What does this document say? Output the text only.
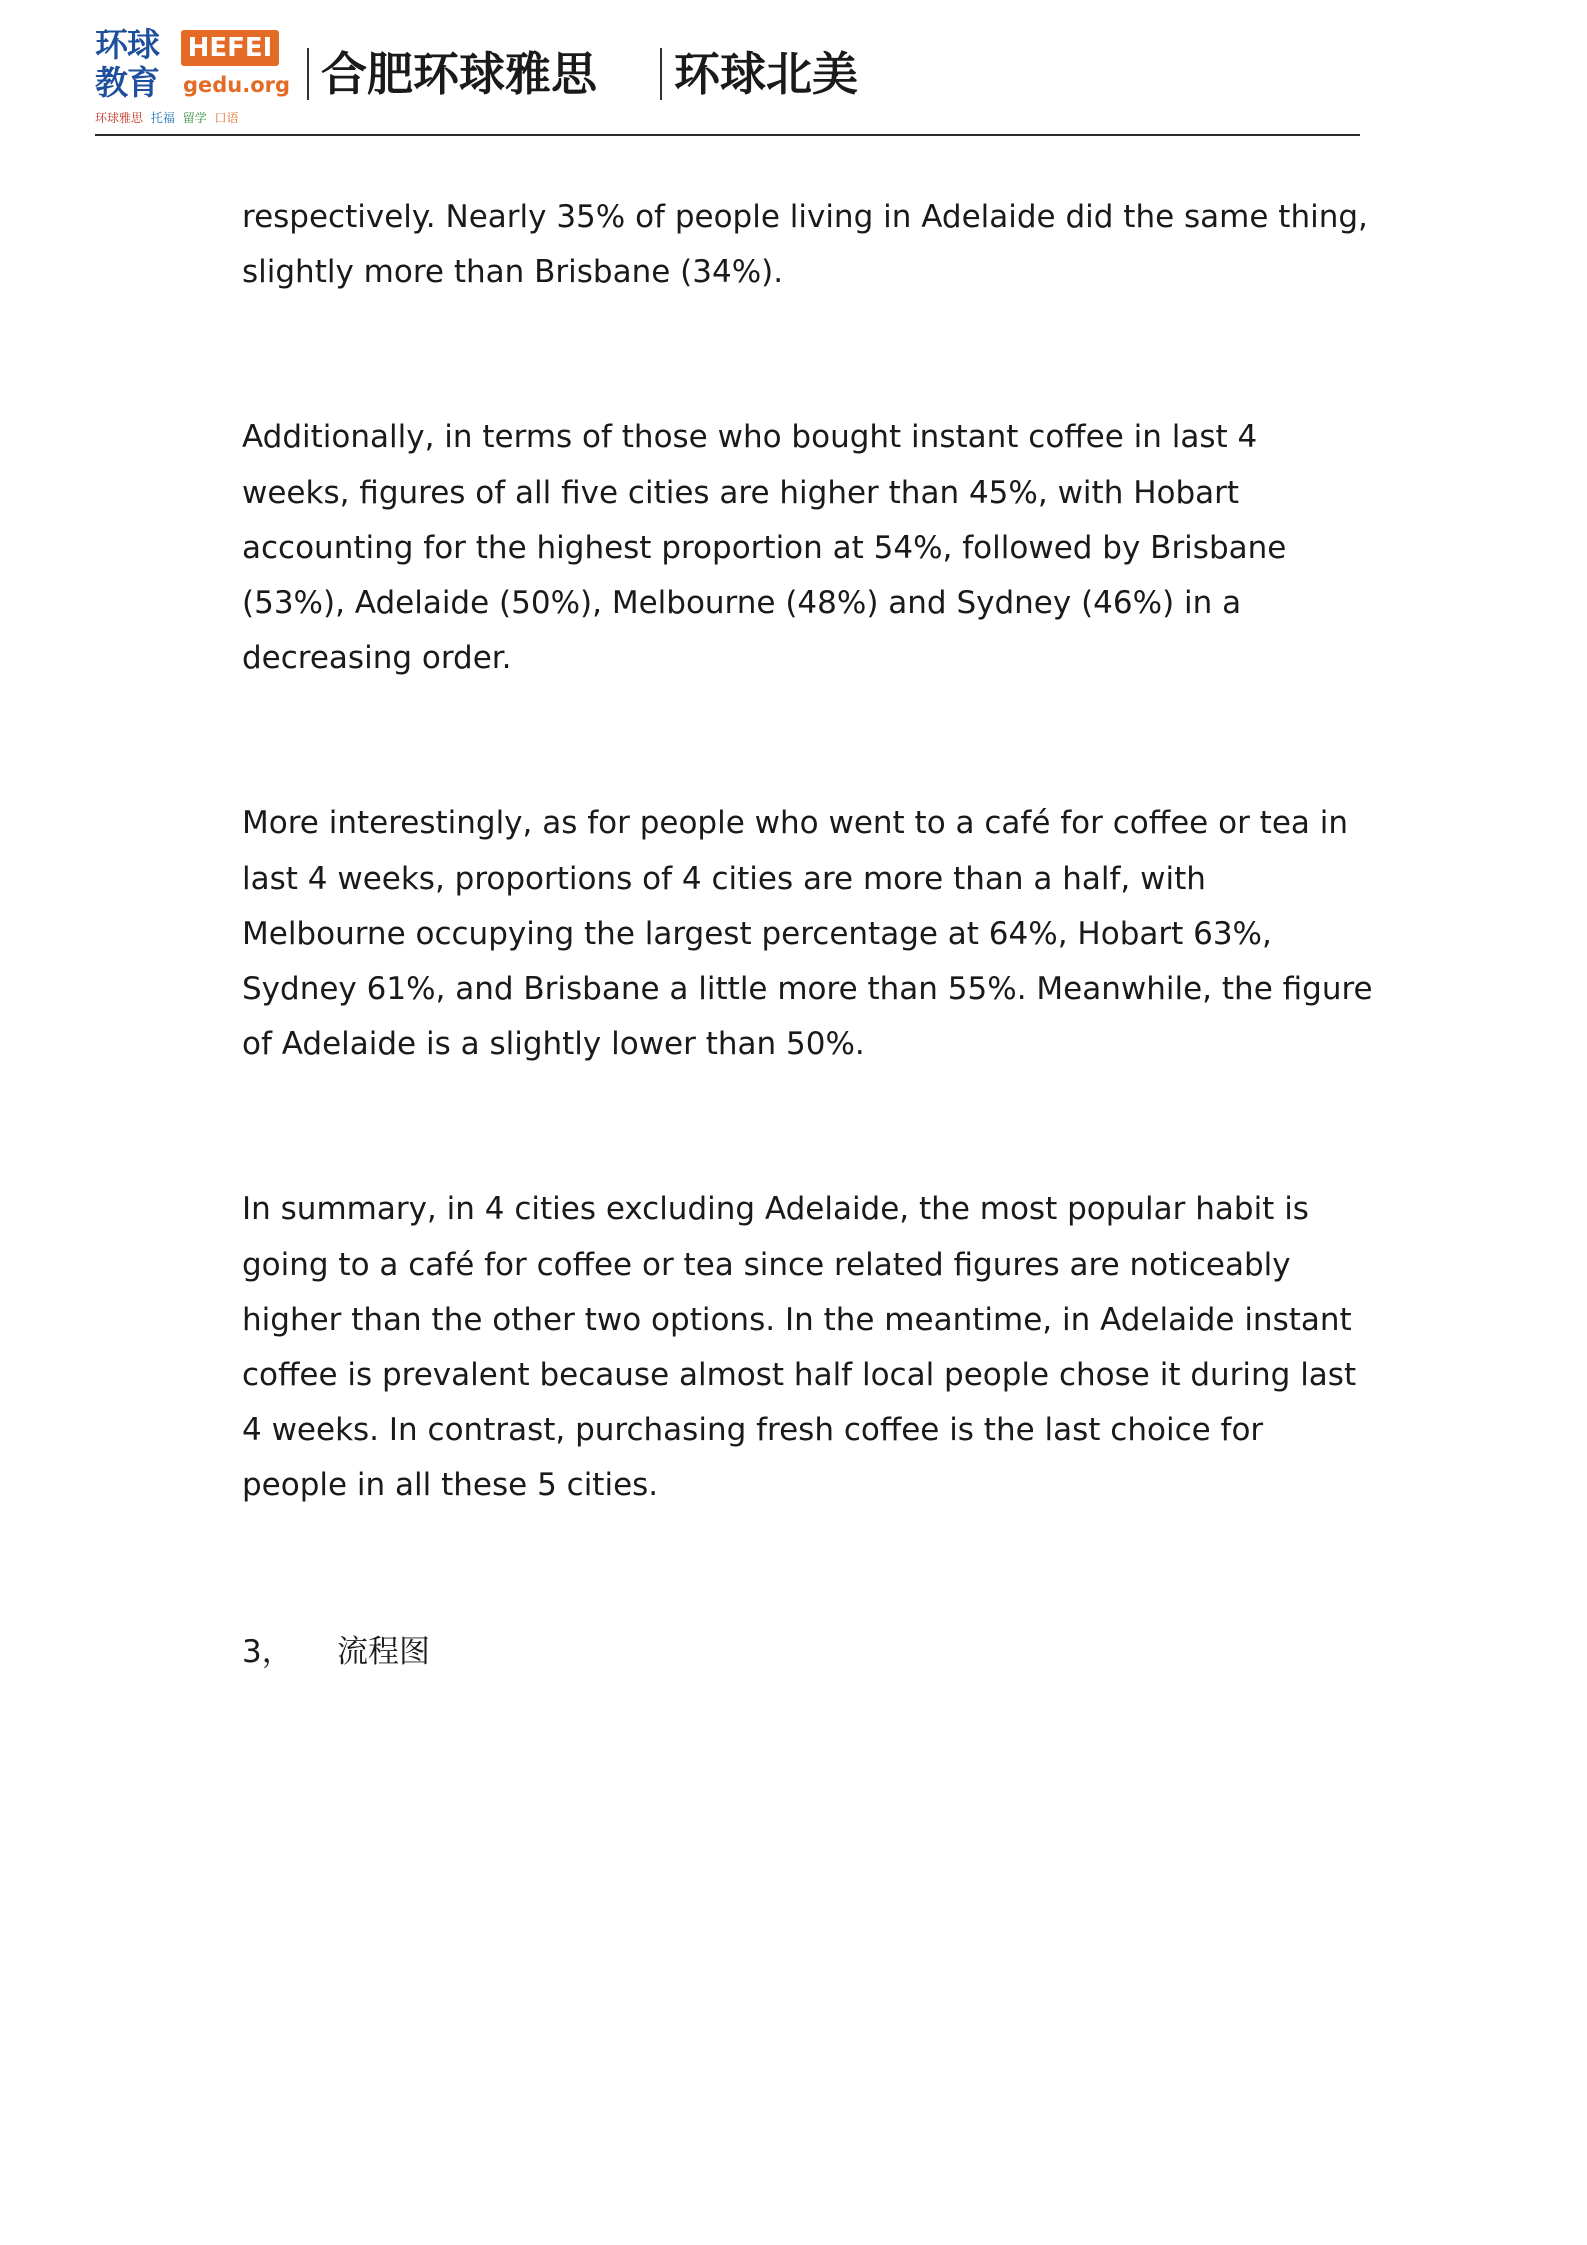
环球
教育
HEFEI
gedu.org
环球雅思 托福 留学 口语
合肥环球雅思 环球北美
respectively. Nearly 35% of people living in Adelaide did the same thing,
slightly more than Brisbane (34%).
Additionally, in terms of those who bought instant coffee in last 4
weeks, figures of all five cities are higher than 45%, with Hobart
accounting for the highest proportion at 54%, followed by Brisbane
(53%), Adelaide (50%), Melbourne (48%) and Sydney (46%) in a
decreasing order.
More interestingly, as for people who went to a café for coffee or tea in
last 4 weeks, proportions of 4 cities are more than a half, with
Melbourne occupying the largest percentage at 64%, Hobart 63%,
Sydney 61%, and Brisbane a little more than 55%. Meanwhile, the figure
of Adelaide is a slightly lower than 50%.
In summary, in 4 cities excluding Adelaide, the most popular habit is
going to a café for coffee or tea since related figures are noticeably
higher than the other two options. In the meantime, in Adelaide instant
coffee is prevalent because almost half local people chose it during last
4 weeks. In contrast, purchasing fresh coffee is the last choice for
people in all these 5 cities.
3， 流程图
